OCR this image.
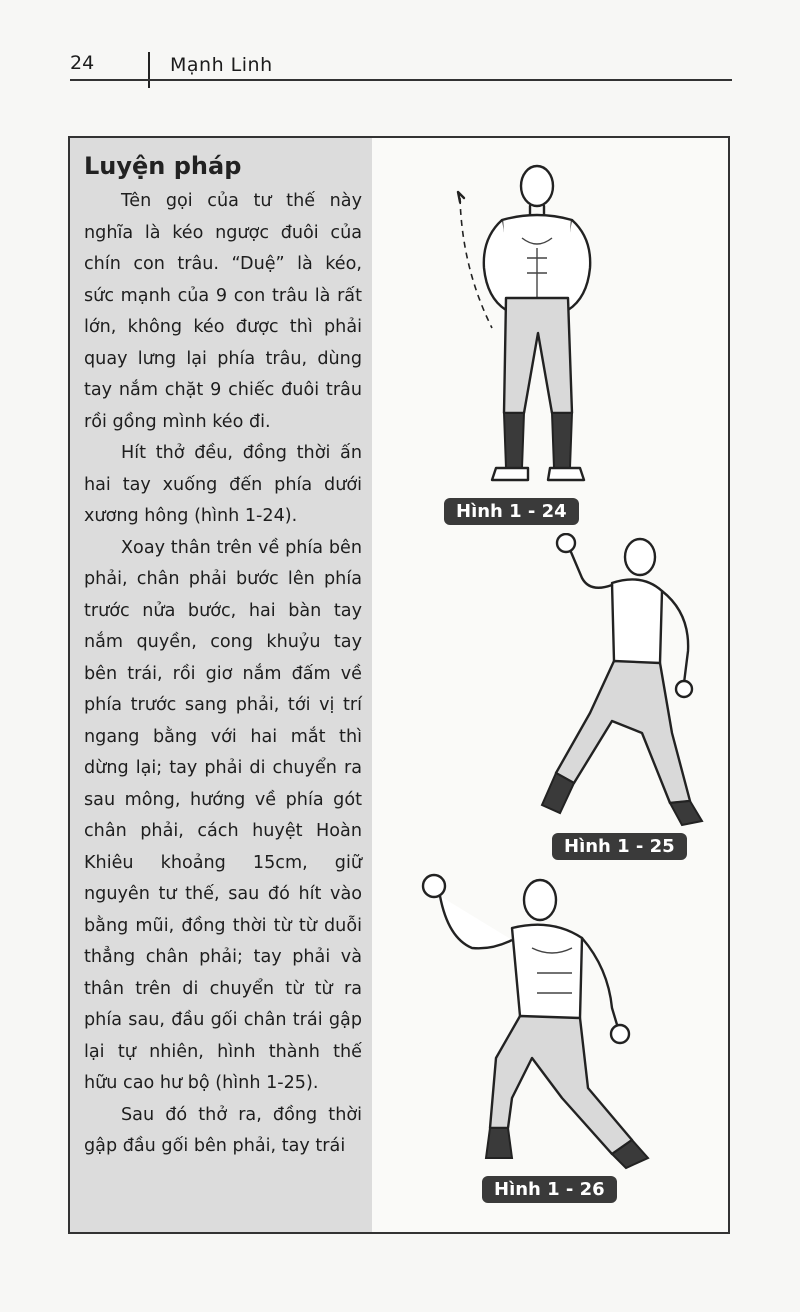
24	Mạnh Linh
Luyện pháp

Tên gọi của tư thế này nghĩa là kéo ngược đuôi của chín con trâu. “Duệ” là kéo, sức mạnh của 9 con trâu là rất lớn, không kéo được thì phải quay lưng lại phía trâu, dùng tay nắm chặt 9 chiếc đuôi trâu rồi gồng mình kéo đi.

Hít thở đều, đồng thời ấn hai tay xuống đến phía dưới xương hông (hình 1-24).

Xoay thân trên về phía bên phải, chân phải bước lên phía trước nửa bước, hai bàn tay nắm quyền, cong khuỷu tay bên trái, rồi giơ nắm đấm về phía trước sang phải, tới vị trí ngang bằng với hai mắt thì dừng lại; tay phải di chuyển ra sau mông, hướng về phía gót chân phải, cách huyệt Hoàn Khiêu khoảng 15cm, giữ nguyên tư thế, sau đó hít vào bằng mũi, đồng thời từ từ duỗi thẳng chân phải; tay phải và thân trên di chuyển từ từ ra phía sau, đầu gối chân trái gập lại tự nhiên, hình thành thế hữu cao hư bộ (hình 1-25).

Sau đó thở ra, đồng thời gập đầu gối bên phải, tay trái

Hình 1 - 24
Hình 1 - 25
Hình 1 - 26
